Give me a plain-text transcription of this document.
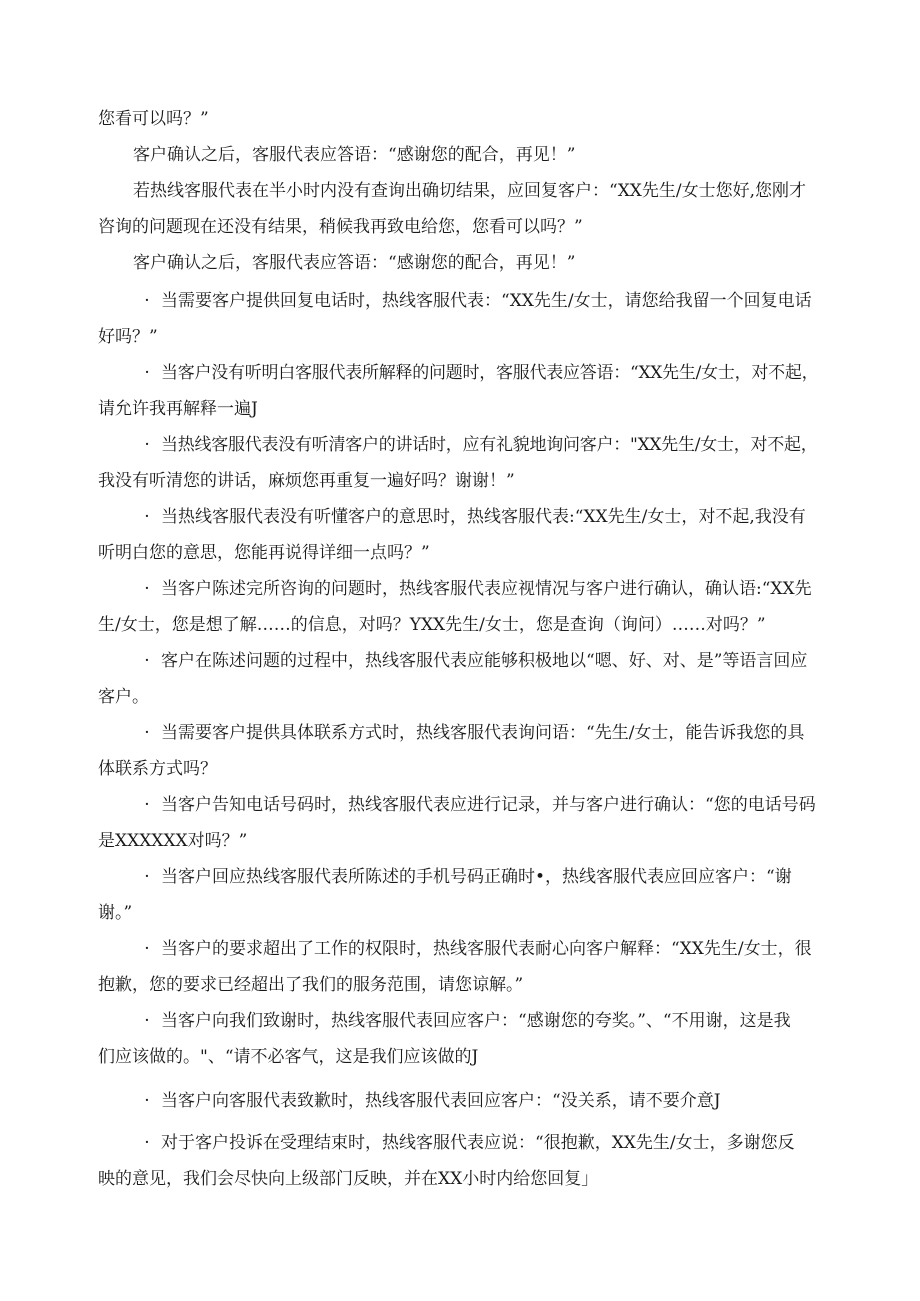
您看可以吗？”

客户确认之后，客服代表应答语：“感谢您的配合，再见！”

若热线客服代表在半小时内没有查询出确切结果，应回复客户：“XX先生/女士您好,您刚才
咨询的问题现在还没有结果，稍候我再致电给您，您看可以吗？”

客户确认之后，客服代表应答语：“感谢您的配合，再见！”

· 当需要客户提供回复电话时，热线客服代表：“XX先生/女士，请您给我留一个回复电话
好吗？”

· 当客户没有听明白客服代表所解释的问题时，客服代表应答语：“XX先生/女士，对不起，
请允许我再解释一遍J

· 当热线客服代表没有听清客户的讲话时，应有礼貌地询问客户："XX先生/女士，对不起，
我没有听清您的讲话，麻烦您再重复一遍好吗？谢谢！”

· 当热线客服代表没有听懂客户的意思时，热线客服代表:“XX先生/女士，对不起,我没有
听明白您的意思，您能再说得详细一点吗？”

· 当客户陈述完所咨询的问题时，热线客服代表应视情况与客户进行确认，确认语:“XX先
生/女士，您是想了解……的信息，对吗？YXX先生/女士，您是查询（询问）……对吗？”

· 客户在陈述问题的过程中，热线客服代表应能够积极地以“嗯、好、对、是”等语言回应
客户。

· 当需要客户提供具体联系方式时，热线客服代表询问语：“先生/女士，能告诉我您的具
体联系方式吗？

· 当客户告知电话号码时，热线客服代表应进行记录，并与客户进行确认：“您的电话号码
是XXXXXX对吗？”

· 当客户回应热线客服代表所陈述的手机号码正确时•，热线客服代表应回应客户：“谢
谢。”

· 当客户的要求超出了工作的权限时，热线客服代表耐心向客户解释：“XX先生/女士，很
抱歉，您的要求已经超出了我们的服务范围，请您谅解。”

· 当客户向我们致谢时，热线客服代表回应客户：“感谢您的夸奖。”、“不用谢，这是我
们应该做的。"、“请不必客气，这是我们应该做的J

· 当客户向客服代表致歉时，热线客服代表回应客户：“没关系，请不要介意J

· 对于客户投诉在受理结束时，热线客服代表应说：“很抱歉，XX先生/女士，多谢您反
映的意见，我们会尽快向上级部门反映，并在XX小时内给您回复」
